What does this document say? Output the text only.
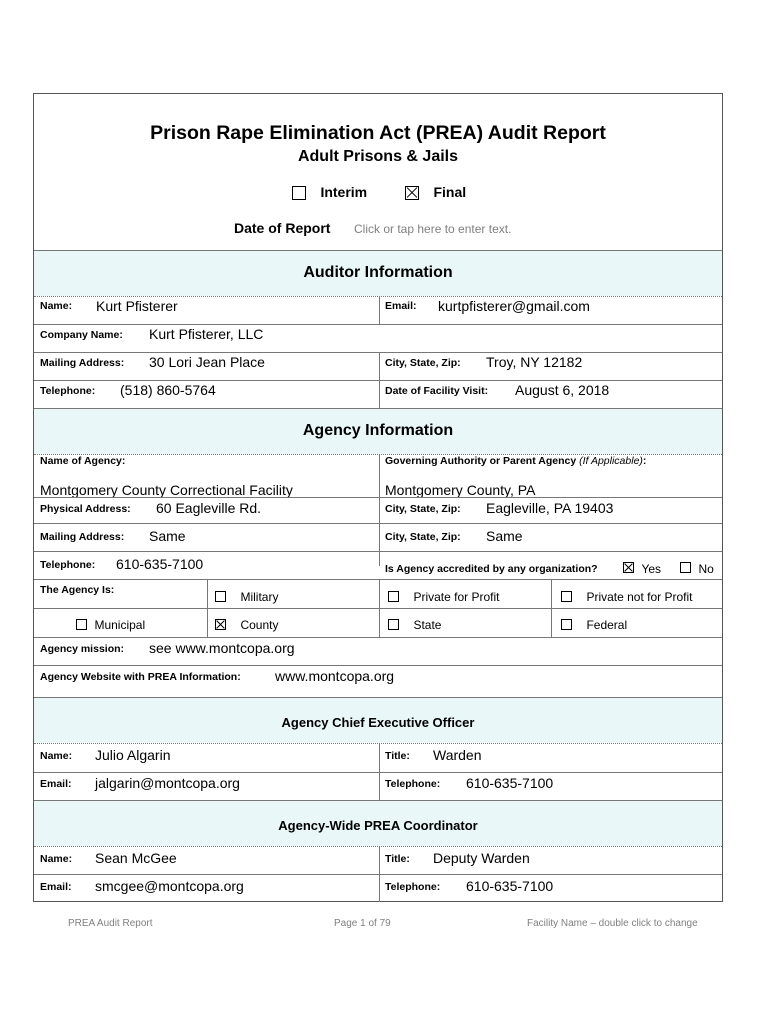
Prison Rape Elimination Act (PREA) Audit Report
Adult Prisons & Jails
Interim	Final
Date of Report Click or tap here to enter text.
Auditor Information
Name: Kurt Pfisterer	Email: kurtpfisterer@gmail.com
Company Name: Kurt Pfisterer, LLC
Mailing Address: 30 Lori Jean Place	City, State, Zip: Troy, NY 12182
Telephone: (518) 860-5764	Date of Facility Visit: August 6, 2018
Agency Information
Name of Agency:	Governing Authority or Parent Agency (If Applicable):
Montgomery County Correctional Facility	Montgomery County, PA
Physical Address: 60 Eagleville Rd.	City, State, Zip: Eagleville, PA 19403
Mailing Address: Same	City, State, Zip: Same
Telephone: 610-635-7100	Is Agency accredited by any organization?	Yes	No
The Agency Is:	Military	Private for Profit	Private not for Profit
Municipal	County	State	Federal
Agency mission: see www.montcopa.org
Agency Website with PREA Information: www.montcopa.org
Agency Chief Executive Officer
Name: Julio Algarin	Title: Warden
Email: jalgarin@montcopa.org	Telephone: 610-635-7100
Agency-Wide PREA Coordinator
Name: Sean McGee	Title: Deputy Warden
Email: smcgee@montcopa.org	Telephone: 610-635-7100
PREA Audit Report	Page 1 of 79	Facility Name – double click to change
